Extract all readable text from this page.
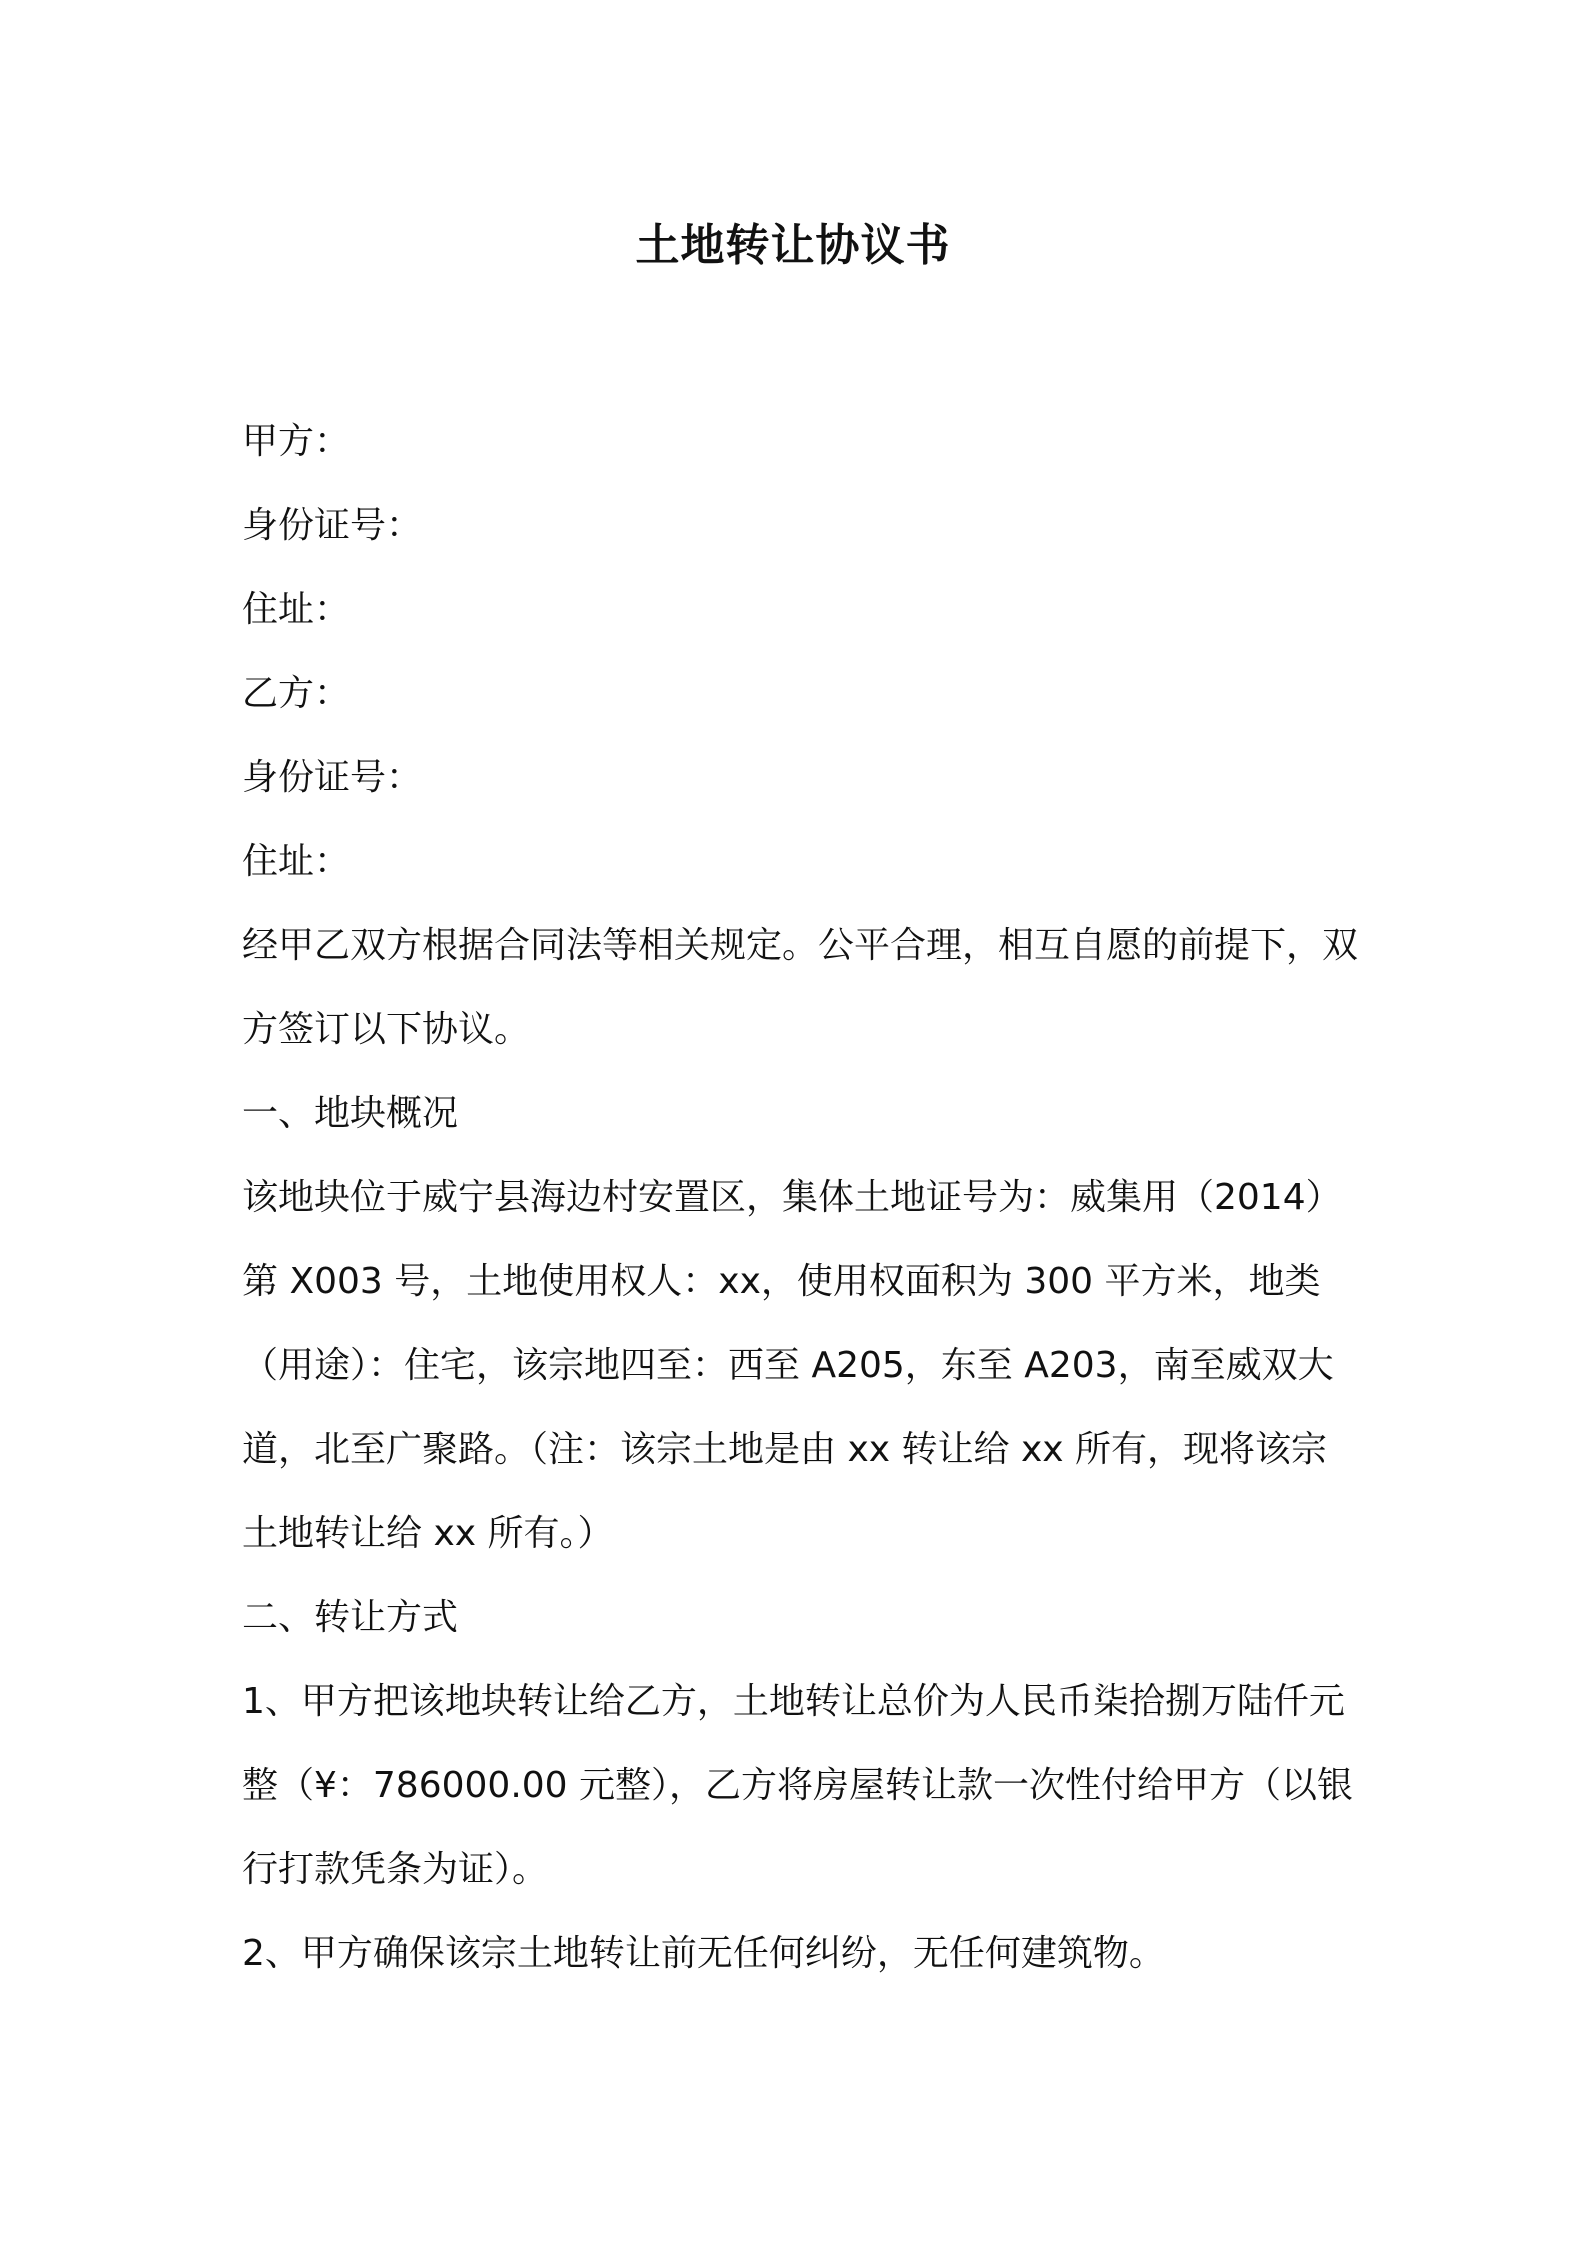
土地转让协议书
甲方：
身份证号：
住址：
乙方：
身份证号：
住址：
经甲乙双方根据合同法等相关规定。公平合理，相互自愿的前提下，双方签订以下协议。
一、地块概况
该地块位于威宁县海边村安置区，集体土地证号为：威集用（2014）第 X003 号，土地使用权人：xx，使用权面积为 300 平方米，地类（用途）：住宅，该宗地四至：西至 A205，东至 A203，南至威双大道，北至广聚路。（注：该宗土地是由 xx 转让给 xx 所有，现将该宗土地转让给 xx 所有。）
二、转让方式
1、甲方把该地块转让给乙方，土地转让总价为人民币柒拾捌万陆仟元整（¥：786000.00 元整），乙方将房屋转让款一次性付给甲方（以银行打款凭条为证）。
2、甲方确保该宗土地转让前无任何纠纷，无任何建筑物。
